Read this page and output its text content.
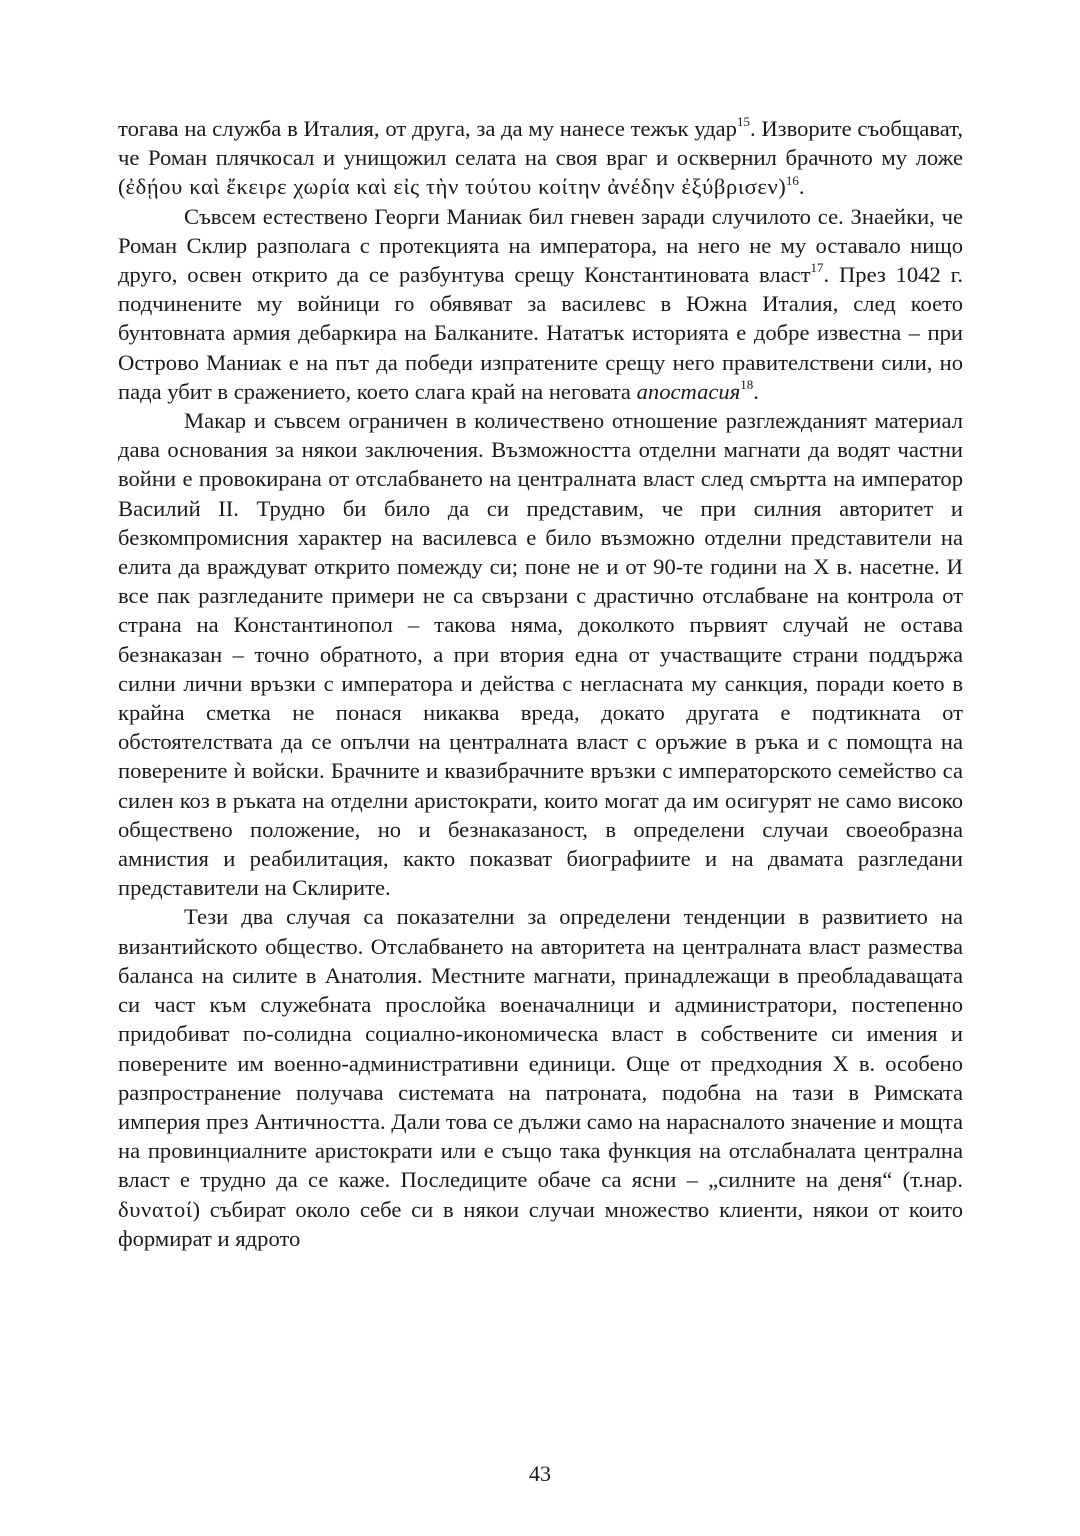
тогава на служба в Италия, от друга, за да му нанесе тежък удар$^{15}$. Изворите съобщават, че Роман плячкосал и унищожил селата на своя враг и осквернил брачното му ложе (ἐδῄου καὶ ἔκειρε χωρία καὶ εἰς τὴν τούτου κοίτην ἀνέδην ἐξύβρισεν)$^{16}$.

Съвсем естествено Георги Маниак бил гневен заради случилото се. Знаейки, че Роман Склир разполага с протекцията на императора, на него не му оставало нищо друго, освен открито да се разбунтува срещу Константиновата власт$^{17}$. През 1042 г. подчинените му войници го обявяват за василевс в Южна Италия, след което бунтовната армия дебаркира на Балканите. Нататък историята е добре известна – при Острово Маниак е на път да победи изпратените срещу него правителствени сили, но пада убит в сражението, което слага край на неговата апостасия$^{18}$.

Макар и съвсем ограничен в количествено отношение разглежданият материал дава основания за някои заключения. Възможността отделни магнати да водят частни войни е провокирана от отслабването на централната власт след смъртта на император Василий II. Трудно би било да си представим, че при силния авторитет и безкомпромисния характер на василевса е било възможно отделни представители на елита да враждуват открито помежду си; поне не и от 90-те години на X в. насетне. И все пак разгледаните примери не са свързани с драстично отслабване на контрола от страна на Константинопол – такова няма, доколкото първият случай не остава безнаказан – точно обратното, а при втория една от участващите страни поддържа силни лични връзки с императора и действа с негласната му санкция, поради което в крайна сметка не понася никаква вреда, докато другата е подтикната от обстоятелствата да се опълчи на централната власт с оръжие в ръка и с помощта на поверените ѝ войски. Брачните и квазибрачните връзки с императорското семейство са силен коз в ръката на отделни аристократи, които могат да им осигурят не само високо обществено положение, но и безнаказаност, в определени случаи своеобразна амнистия и реабилитация, както показват биографиите и на двамата разгледани представители на Склирите.

Тези два случая са показателни за определени тенденции в развитието на византийското общество. Отслабването на авторитета на централната власт размества баланса на силите в Анатолия. Местните магнати, принадлежащи в преобладаващата си част към служебната прослойка военачалници и администратори, постепенно придобиват по-солидна социално-икономическа власт в собствените си имения и поверените им военно-административни единици. Още от предходния X в. особено разпространение получава системата на патроната, подобна на тази в Римската империя през Античността. Дали това се дължи само на нарасналото значение и мощта на провинциалните аристократи или е също така функция на отслабналата централна власт е трудно да се каже. Последиците обаче са ясни – „силните на деня“ (т.нар. δυνατοί) събират около себе си в някои случаи множество клиенти, някои от които формират и ядрото

43
